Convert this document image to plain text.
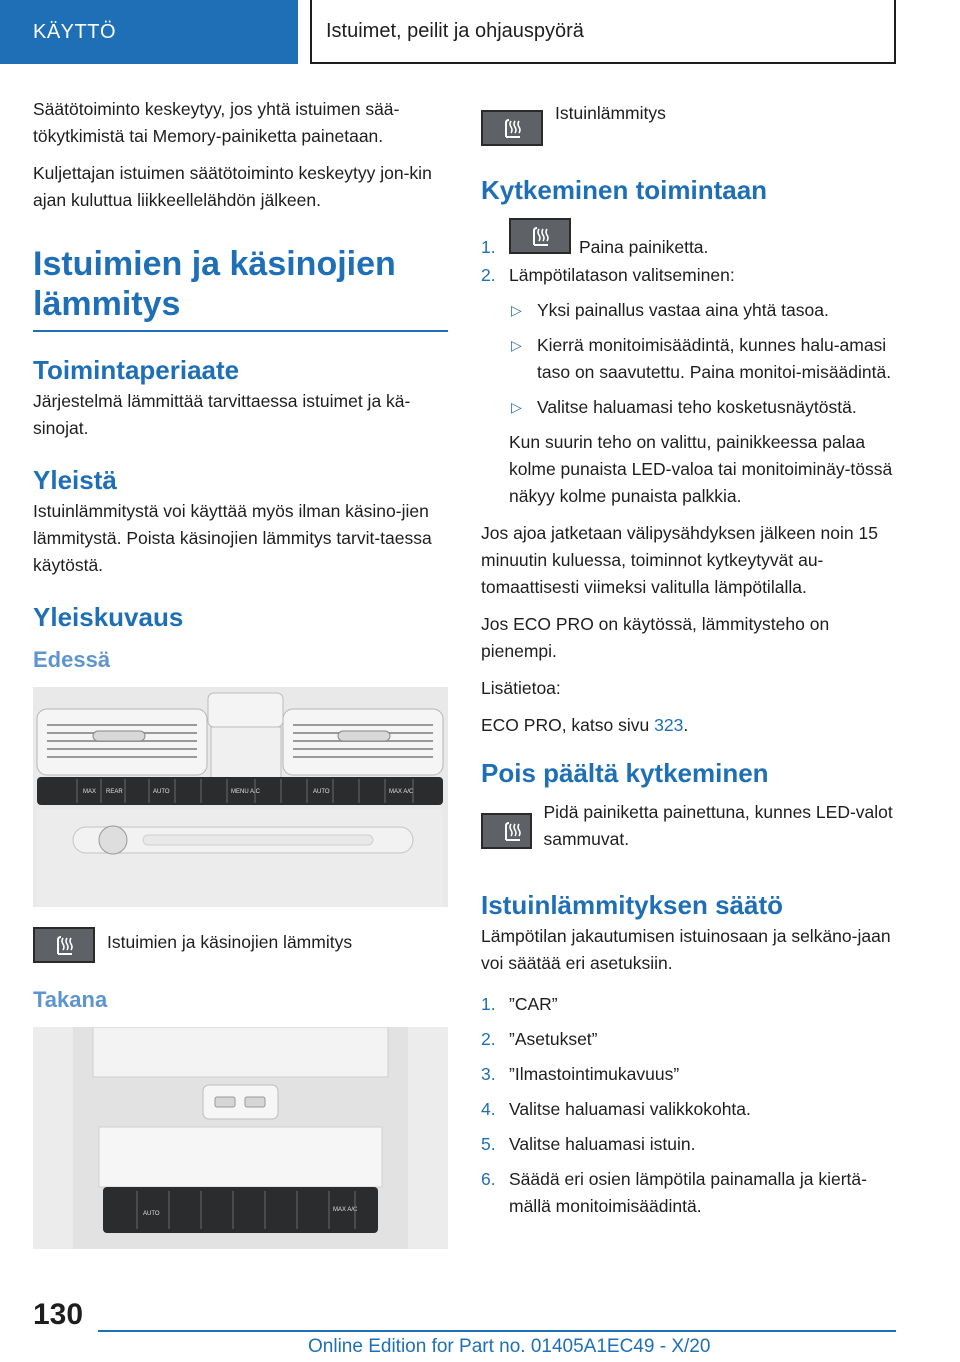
KÄYTTÖ	Istuimet, peilit ja ohjauspyörä

Säätötoiminto keskeytyy, jos yhtä istuimen sää-tökytkimistä tai Memory-painiketta painetaan.

Kuljettajan istuimen säätötoiminto keskeytyy jon-kin ajan kuluttua liikkeellelähdön jälkeen.

Istuimien ja käsinojien lämmitys
Toimintaperiaate

Järjestelmä lämmittää tarvittaessa istuimet ja kä-sinojat.

Yleistä

Istuinlämmitystä voi käyttää myös ilman käsino-jien lämmitystä. Poista käsinojien lämmitys tarvit-taessa käytöstä.

Yleiskuvaus
Edessä
MAX REAR	AUTO	MENU A/C	AUTO	MAX A/C

Istuimien ja käsinojien lämmitys

Takana
AUTO
MAX A/C

Istuinlämmitys

Kytkeminen toimintaan
1.	Paina painiketta.
2. Lämpötilatason valitseminen:
▷ Yksi painallus vastaa aina yhtä tasoa.
▷ Kierrä monitoimisäädintä, kunnes halu-amasi taso on saavutettu. Paina monitoi-misäädintä.
▷ Valitse haluamasi teho kosketusnäytöstä.

Kun suurin teho on valittu, painikkeessa palaa kolme punaista LED-valoa tai monitoiminäy-tössä näkyy kolme punaista palkkia.

Jos ajoa jatketaan välipysähdyksen jälkeen noin 15 minuutin kuluessa, toiminnot kytkeytyvät au-tomaattisesti viimeksi valitulla lämpötilalla.

Jos ECO PRO on käytössä, lämmitysteho on pienempi.

Lisätietoa:

ECO PRO, katso sivu 323.

Pois päältä kytkeminen

Pidä painiketta painettuna, kunnes LED-valot sammuvat.

Istuinlämmityksen säätö

Lämpötilan jakautumisen istuinosaan ja selkäno-jaan voi säätää eri asetuksiin.

1. ”CAR”
2. ”Asetukset”
3. ”Ilmastointimukavuus”
4. Valitse haluamasi valikkokohta.
5. Valitse haluamasi istuin.
6. Säädä eri osien lämpötila painamalla ja kiertä-mällä monitoimisäädintä.
130
Online Edition for Part no. 01405A1EC49 - X/20
